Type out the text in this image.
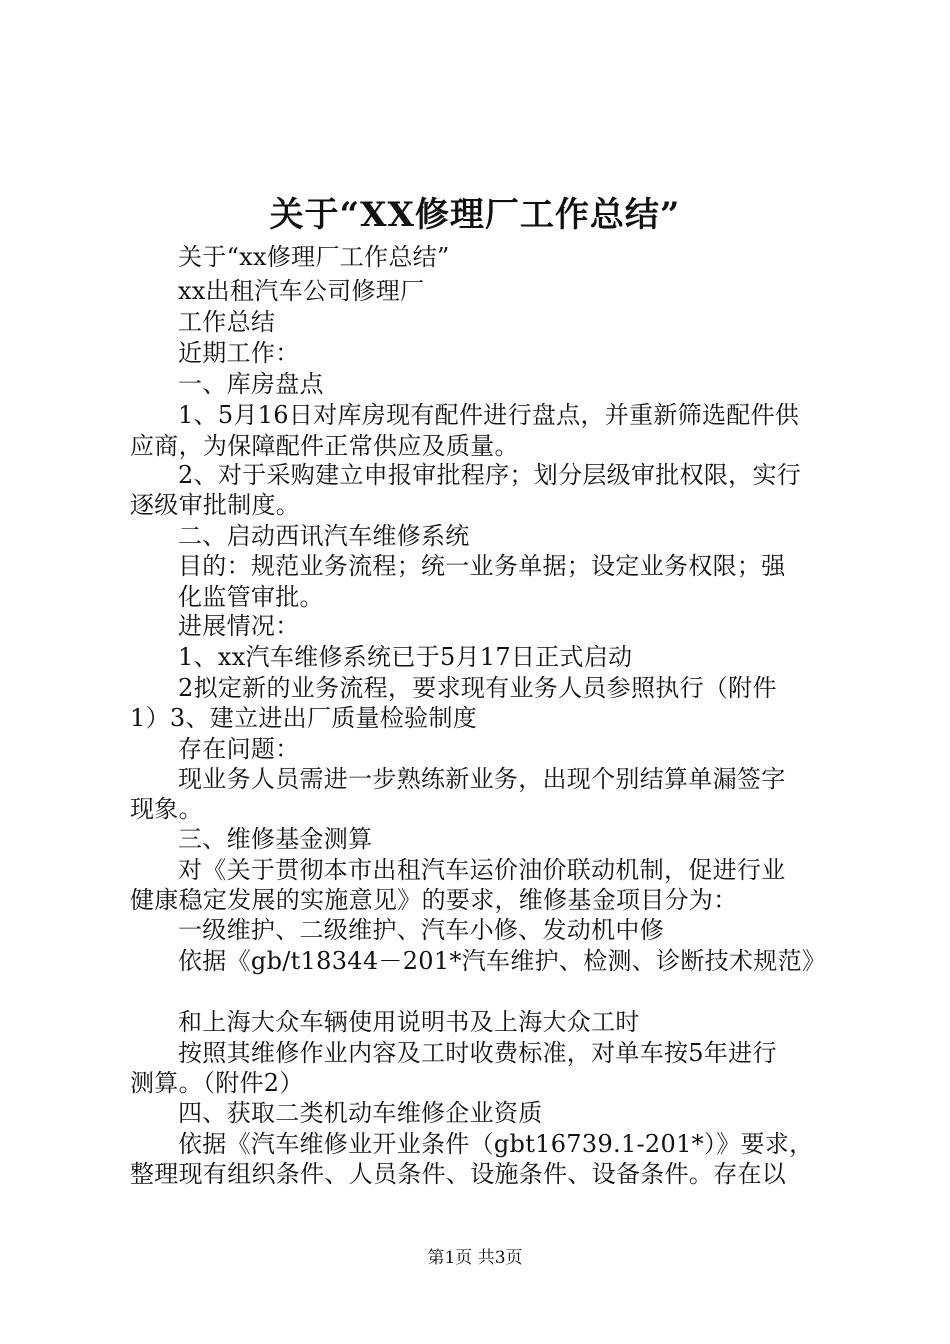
关于“XX修理厂工作总结”
关于“xx修理厂工作总结”
xx出租汽车公司修理厂
工作总结
近期工作：
一、库房盘点
1、5月16日对库房现有配件进行盘点，并重新筛选配件供
应商，为保障配件正常供应及质量。
2、对于采购建立申报审批程序；划分层级审批权限，实行
逐级审批制度。
二、启动西讯汽车维修系统
目的：规范业务流程；统一业务单据；设定业务权限；强
化监管审批。
进展情况：
1、xx汽车维修系统已于5月17日正式启动
2拟定新的业务流程，要求现有业务人员参照执行（附件
1）3、建立进出厂质量检验制度
存在问题：
现业务人员需进一步熟练新业务，出现个别结算单漏签字
现象。
三、维修基金测算
对《关于贯彻本市出租汽车运价油价联动机制，促进行业
健康稳定发展的实施意见》的要求，维修基金项目分为：
一级维护、二级维护、汽车小修、发动机中修
依据《gb/t18344－201*汽车维护、检测、诊断技术规范》
和上海大众车辆使用说明书及上海大众工时
按照其维修作业内容及工时收费标准，对单车按5年进行
测算。（附件2）
四、获取二类机动车维修企业资质
依据《汽车维修业开业条件（gbt16739.1-201*）》要求，
整理现有组织条件、人员条件、设施条件、设备条件。存在以
第1页 共3页
